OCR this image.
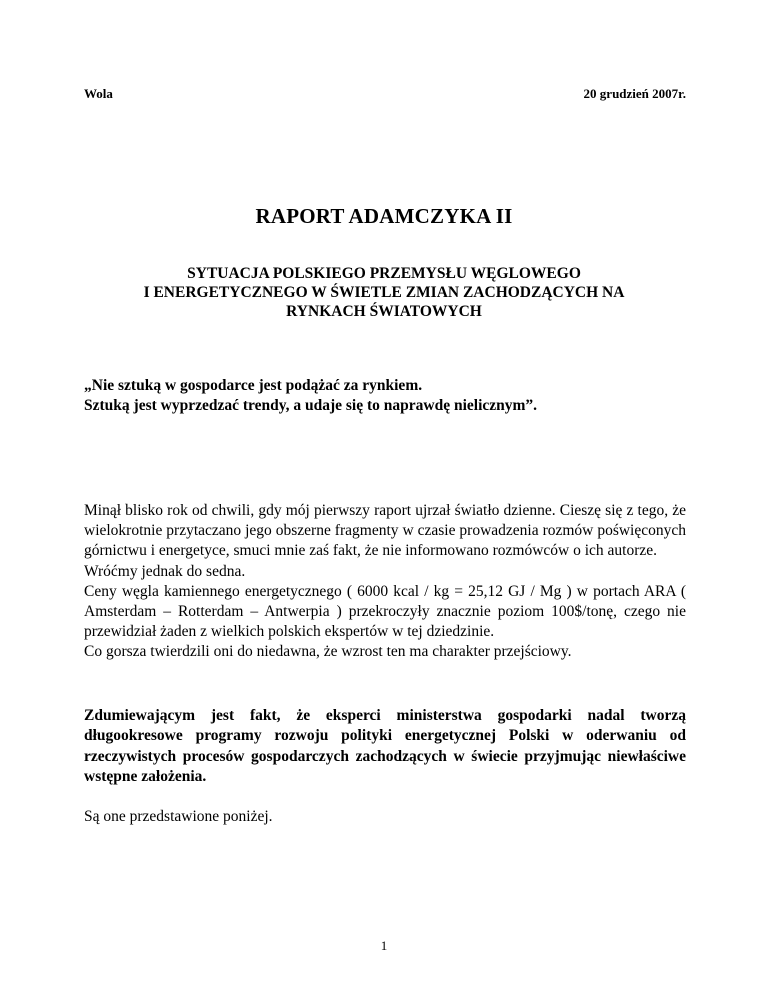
Wola	20 grudzień 2007r.
RAPORT ADAMCZYKA II
SYTUACJA POLSKIEGO PRZEMYSŁU WĘGLOWEGO
I ENERGETYCZNEGO W ŚWIETLE ZMIAN ZACHODZĄCYCH NA
RYNKACH ŚWIATOWYCH
„Nie sztuką w gospodarce jest podążać za rynkiem.
Sztuką jest wyprzedzać trendy, a udaje się to naprawdę nielicznym”.

Minął blisko rok od chwili, gdy mój pierwszy raport ujrzał światło dzienne. Cieszę się z tego, że wielokrotnie przytaczano jego obszerne fragmenty w czasie prowadzenia rozmów poświęconych górnictwu i energetyce, smuci mnie zaś fakt, że nie informowano rozmówców o ich autorze.

Wróćmy jednak do sedna.

Ceny węgla kamiennego energetycznego ( 6000 kcal / kg = 25,12 GJ / Mg ) w portach ARA ( Amsterdam – Rotterdam – Antwerpia ) przekroczyły znacznie poziom 100$/tonę, czego nie przewidział żaden z wielkich polskich ekspertów w tej dziedzinie.

Co gorsza twierdzili oni do niedawna, że wzrost ten ma charakter przejściowy.

Zdumiewającym jest fakt, że eksperci ministerstwa gospodarki nadal tworzą długookresowe programy rozwoju polityki energetycznej Polski w oderwaniu od rzeczywistych procesów gospodarczych zachodzących w świecie przyjmując niewłaściwe wstępne założenia.
Są one przedstawione poniżej.
1
